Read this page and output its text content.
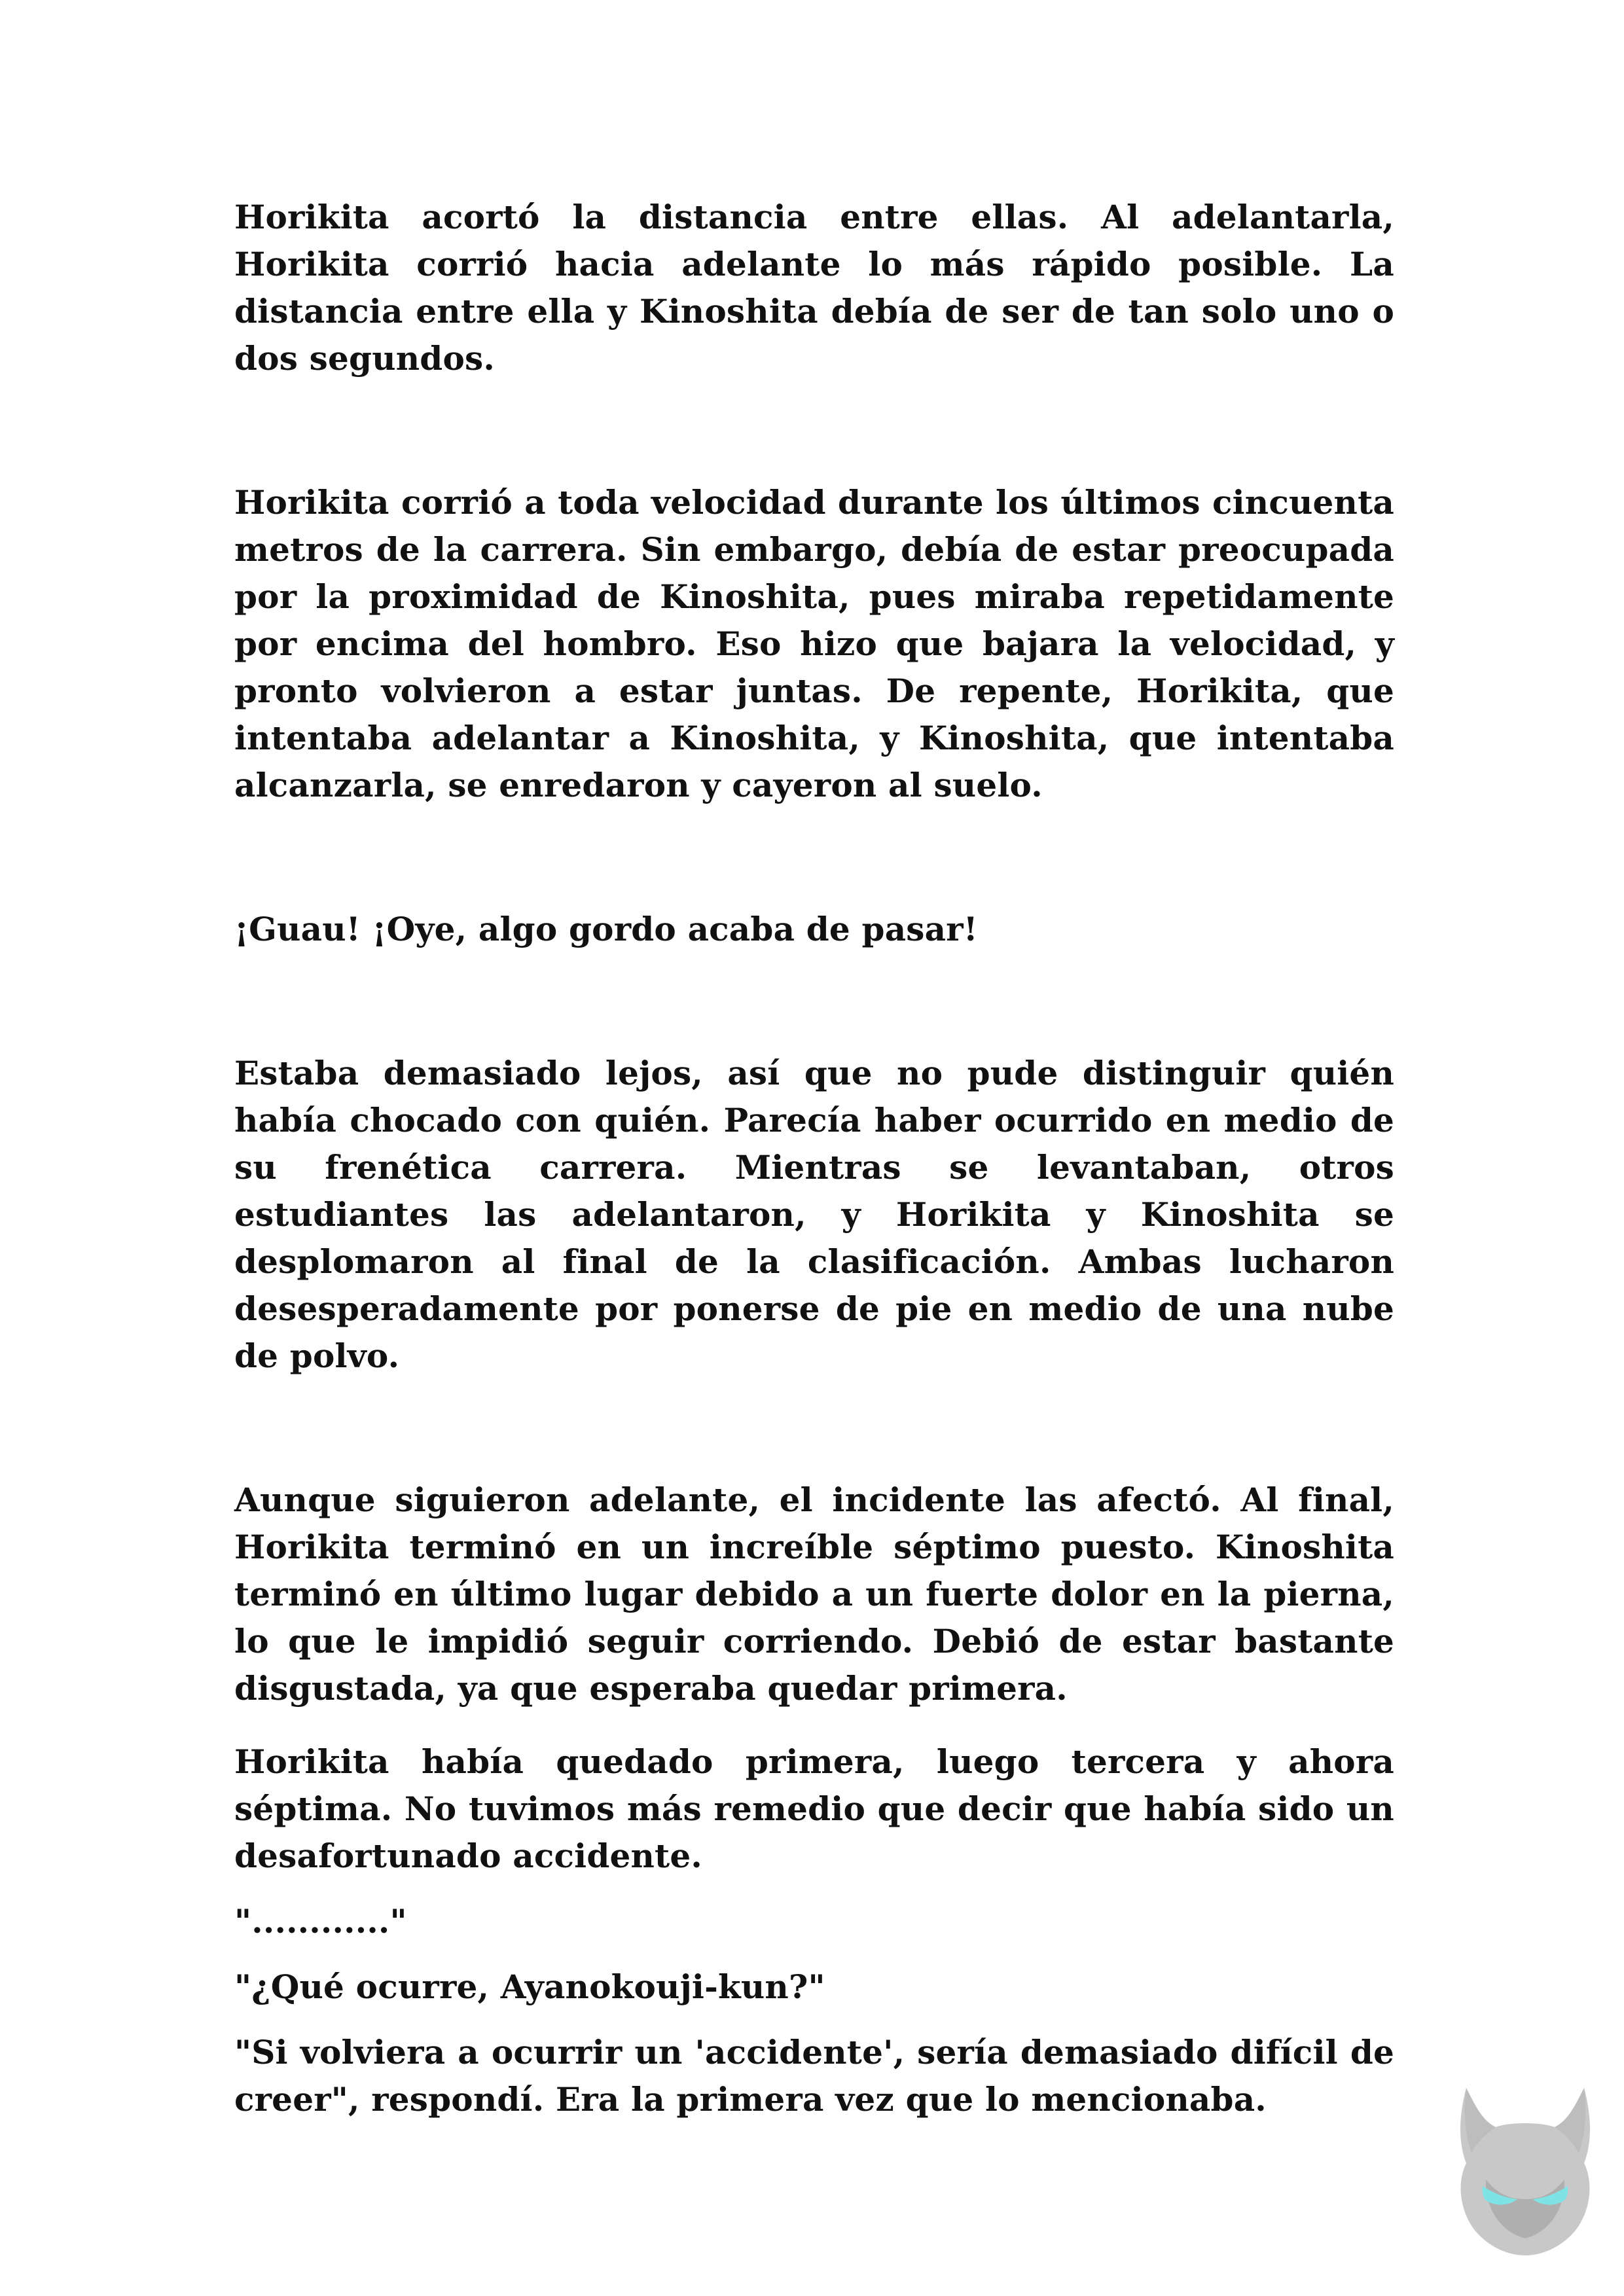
Horikita acortó la distancia entre ellas. Al adelantarla, Horikita corrió hacia adelante lo más rápido posible. La distancia entre ella y Kinoshita debía de ser de tan solo uno o dos segundos.

Horikita corrió a toda velocidad durante los últimos cincuenta metros de la carrera. Sin embargo, debía de estar preocupada por la proximidad de Kinoshita, pues miraba repetidamente por encima del hombro. Eso hizo que bajara la velocidad, y pronto volvieron a estar juntas. De repente, Horikita, que intentaba adelantar a Kinoshita, y Kinoshita, que intentaba alcanzarla, se enredaron y cayeron al suelo.

¡Guau! ¡Oye, algo gordo acaba de pasar!

Estaba demasiado lejos, así que no pude distinguir quién había chocado con quién. Parecía haber ocurrido en medio de su frenética carrera. Mientras se levantaban, otros estudiantes las adelantaron, y Horikita y Kinoshita se desplomaron al final de la clasificación. Ambas lucharon desesperadamente por ponerse de pie en medio de una nube de polvo.

Aunque siguieron adelante, el incidente las afectó. Al final, Horikita terminó en un increíble séptimo puesto. Kinoshita terminó en último lugar debido a un fuerte dolor en la pierna, lo que le impidió seguir corriendo. Debió de estar bastante disgustada, ya que esperaba quedar primera.

Horikita había quedado primera, luego tercera y ahora séptima. No tuvimos más remedio que decir que había sido un desafortunado accidente.

"............"

"¿Qué ocurre, Ayanokouji-kun?"

"Si volviera a ocurrir un 'accidente', sería demasiado difícil de creer", respondí. Era la primera vez que lo mencionaba.
